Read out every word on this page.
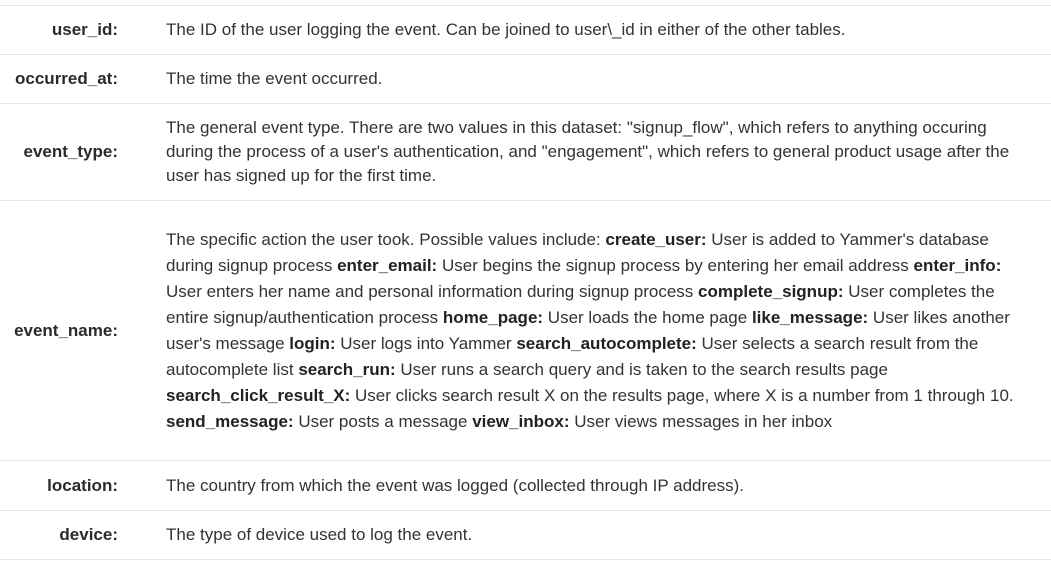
user_id:	The ID of the user logging the event. Can be joined to user\_id in either of the other tables.
occurred_at:	The time the event occurred.
event_type:
The general event type. There are two values in this dataset: "signup_flow", which refers to anything occuring during the process of a user's authentication, and "engagement", which refers to general product usage after the user has signed up for the first time.
event_name:
The specific action the user took. Possible values include: create_user: User is added to Yammer's database during signup process enter_email: User begins the signup process by entering her email address enter_info: User enters her name and personal information during signup process complete_signup: User completes the entire signup/authentication process home_page: User loads the home page like_message: User likes another user's message login: User logs into Yammer search_autocomplete: User selects a search result from the autocomplete list search_run: User runs a search query and is taken to the search results page search_click_result_X: User clicks search result X on the results page, where X is a number from 1 through 10. send_message: User posts a message view_inbox: User views messages in her inbox
location:	The country from which the event was logged (collected through IP address).
device:	The type of device used to log the event.
